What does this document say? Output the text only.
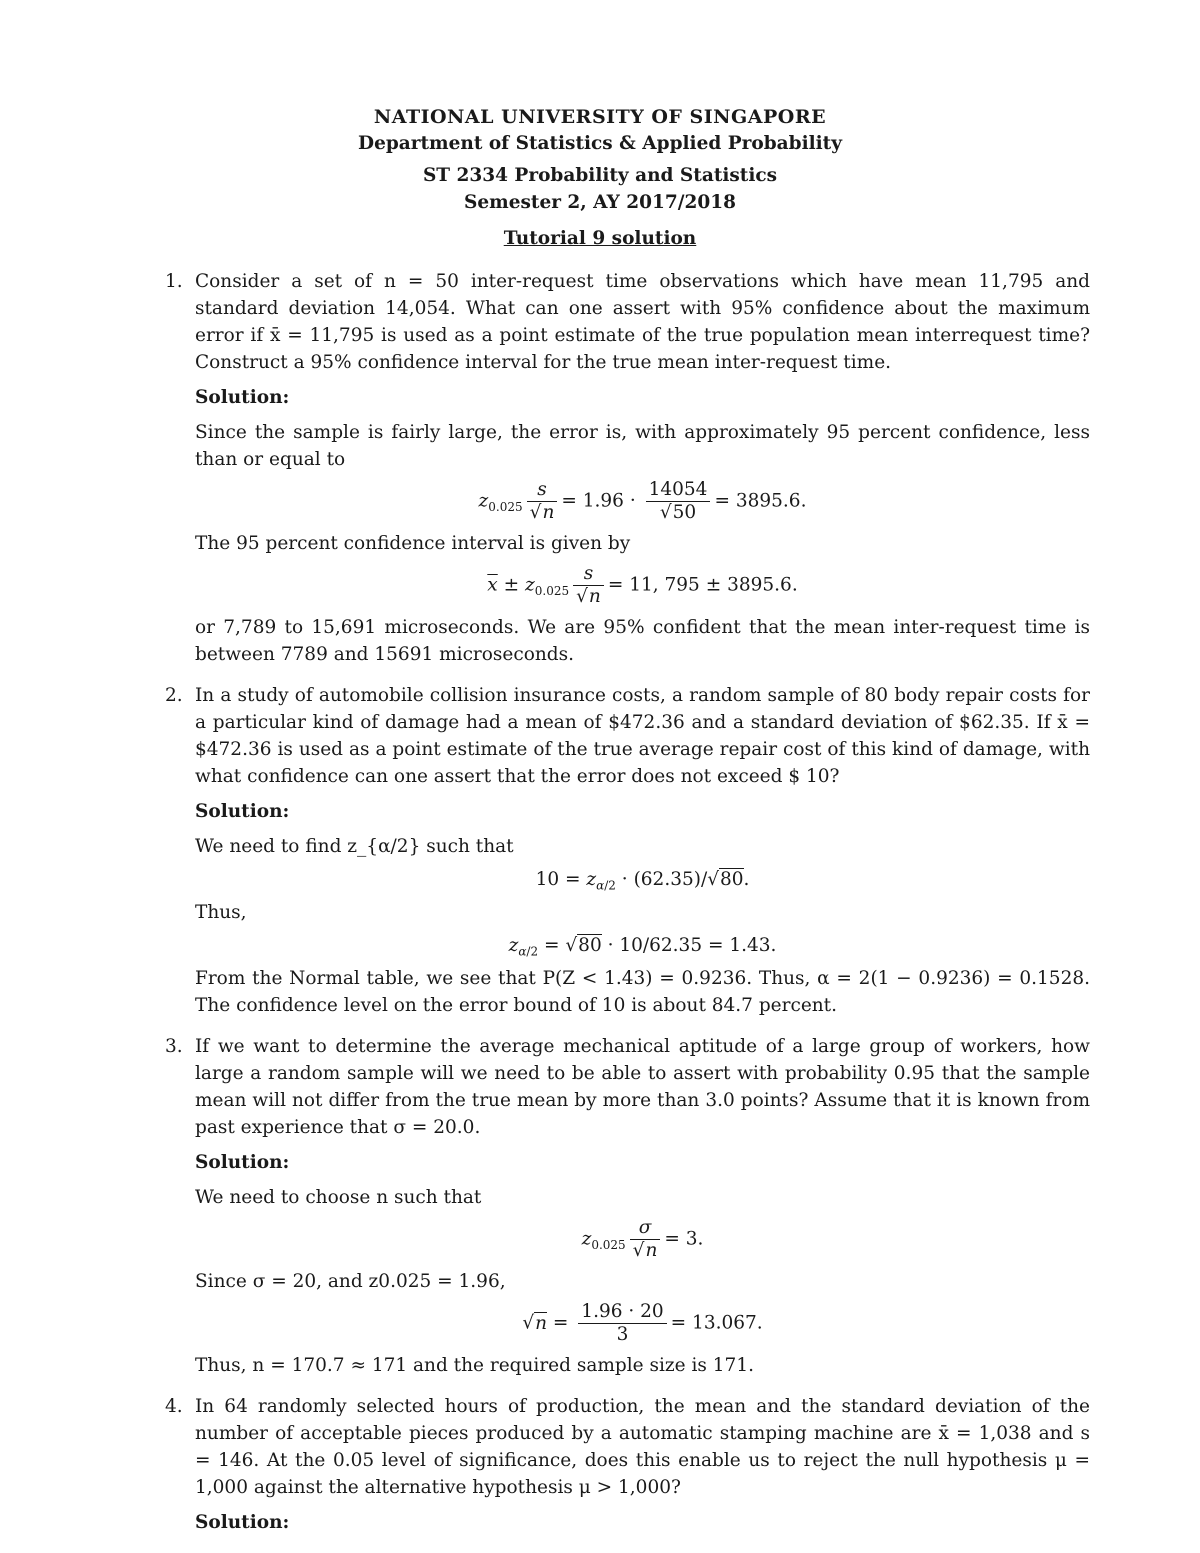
NATIONAL UNIVERSITY OF SINGAPORE
Department of Statistics & Applied Probability
ST 2334 Probability and Statistics
Semester 2, AY 2017/2018
Tutorial 9 solution
1. Consider a set of n = 50 inter-request time observations which have mean 11,795 and standard deviation 14,054. What can one assert with 95% confidence about the maximum error if x̄ = 11,795 is used as a point estimate of the true population mean interrequest time? Construct a 95% confidence interval for the true mean inter-request time.

Solution:

Since the sample is fairly large, the error is, with approximately 95 percent confidence, less than or equal to

$z_{0.025} \frac{s}{√n} = 1.96 \cdot \frac{14054}{√50} = 3895.6$.

The 95 percent confidence interval is given by

$\overline{x} \pm z_{0.025} \frac{s}{√n} = 11$, 795 ± 3895.6.

or 7,789 to 15,691 microseconds. We are 95% confident that the mean inter-request time is between 7789 and 15691 microseconds.

2. In a study of automobile collision insurance costs, a random sample of 80 body repair costs for a particular kind of damage had a mean of $472.36 and a standard deviation of $62.35. If x̄ = $472.36 is used as a point estimate of the true average repair cost of this kind of damage, with what confidence can one assert that the error does not exceed $ 10?

Solution:

We need to find z_{α/2} such that

$10 = z_{\alpha/2} \cdot (62.35)/√80$.

Thus,

$z_{\alpha/2} = √80 \cdot 10/62.35 = 1.43$.

From the Normal table, we see that P(Z < 1.43) = 0.9236. Thus, α = 2(1 − 0.9236) = 0.1528. The confidence level on the error bound of 10 is about 84.7 percent.

3. If we want to determine the average mechanical aptitude of a large group of workers, how large a random sample will we need to be able to assert with probability 0.95 that the sample mean will not differ from the true mean by more than 3.0 points? Assume that it is known from past experience that σ = 20.0.

Solution:

We need to choose n such that

$z_{0.025} \frac{\sigma}{√n} = 3$.

Since σ = 20, and z0.025 = 1.96,

$√n = \frac{1.96 \cdot 20}{3} = 13.067$.

Thus, n = 170.7 ≈ 171 and the required sample size is 171.

4. In 64 randomly selected hours of production, the mean and the standard deviation of the number of acceptable pieces produced by a automatic stamping machine are x̄ = 1,038 and s = 146. At the 0.05 level of significance, does this enable us to reject the null hypothesis μ = 1,000 against the alternative hypothesis μ > 1,000?

Solution:
